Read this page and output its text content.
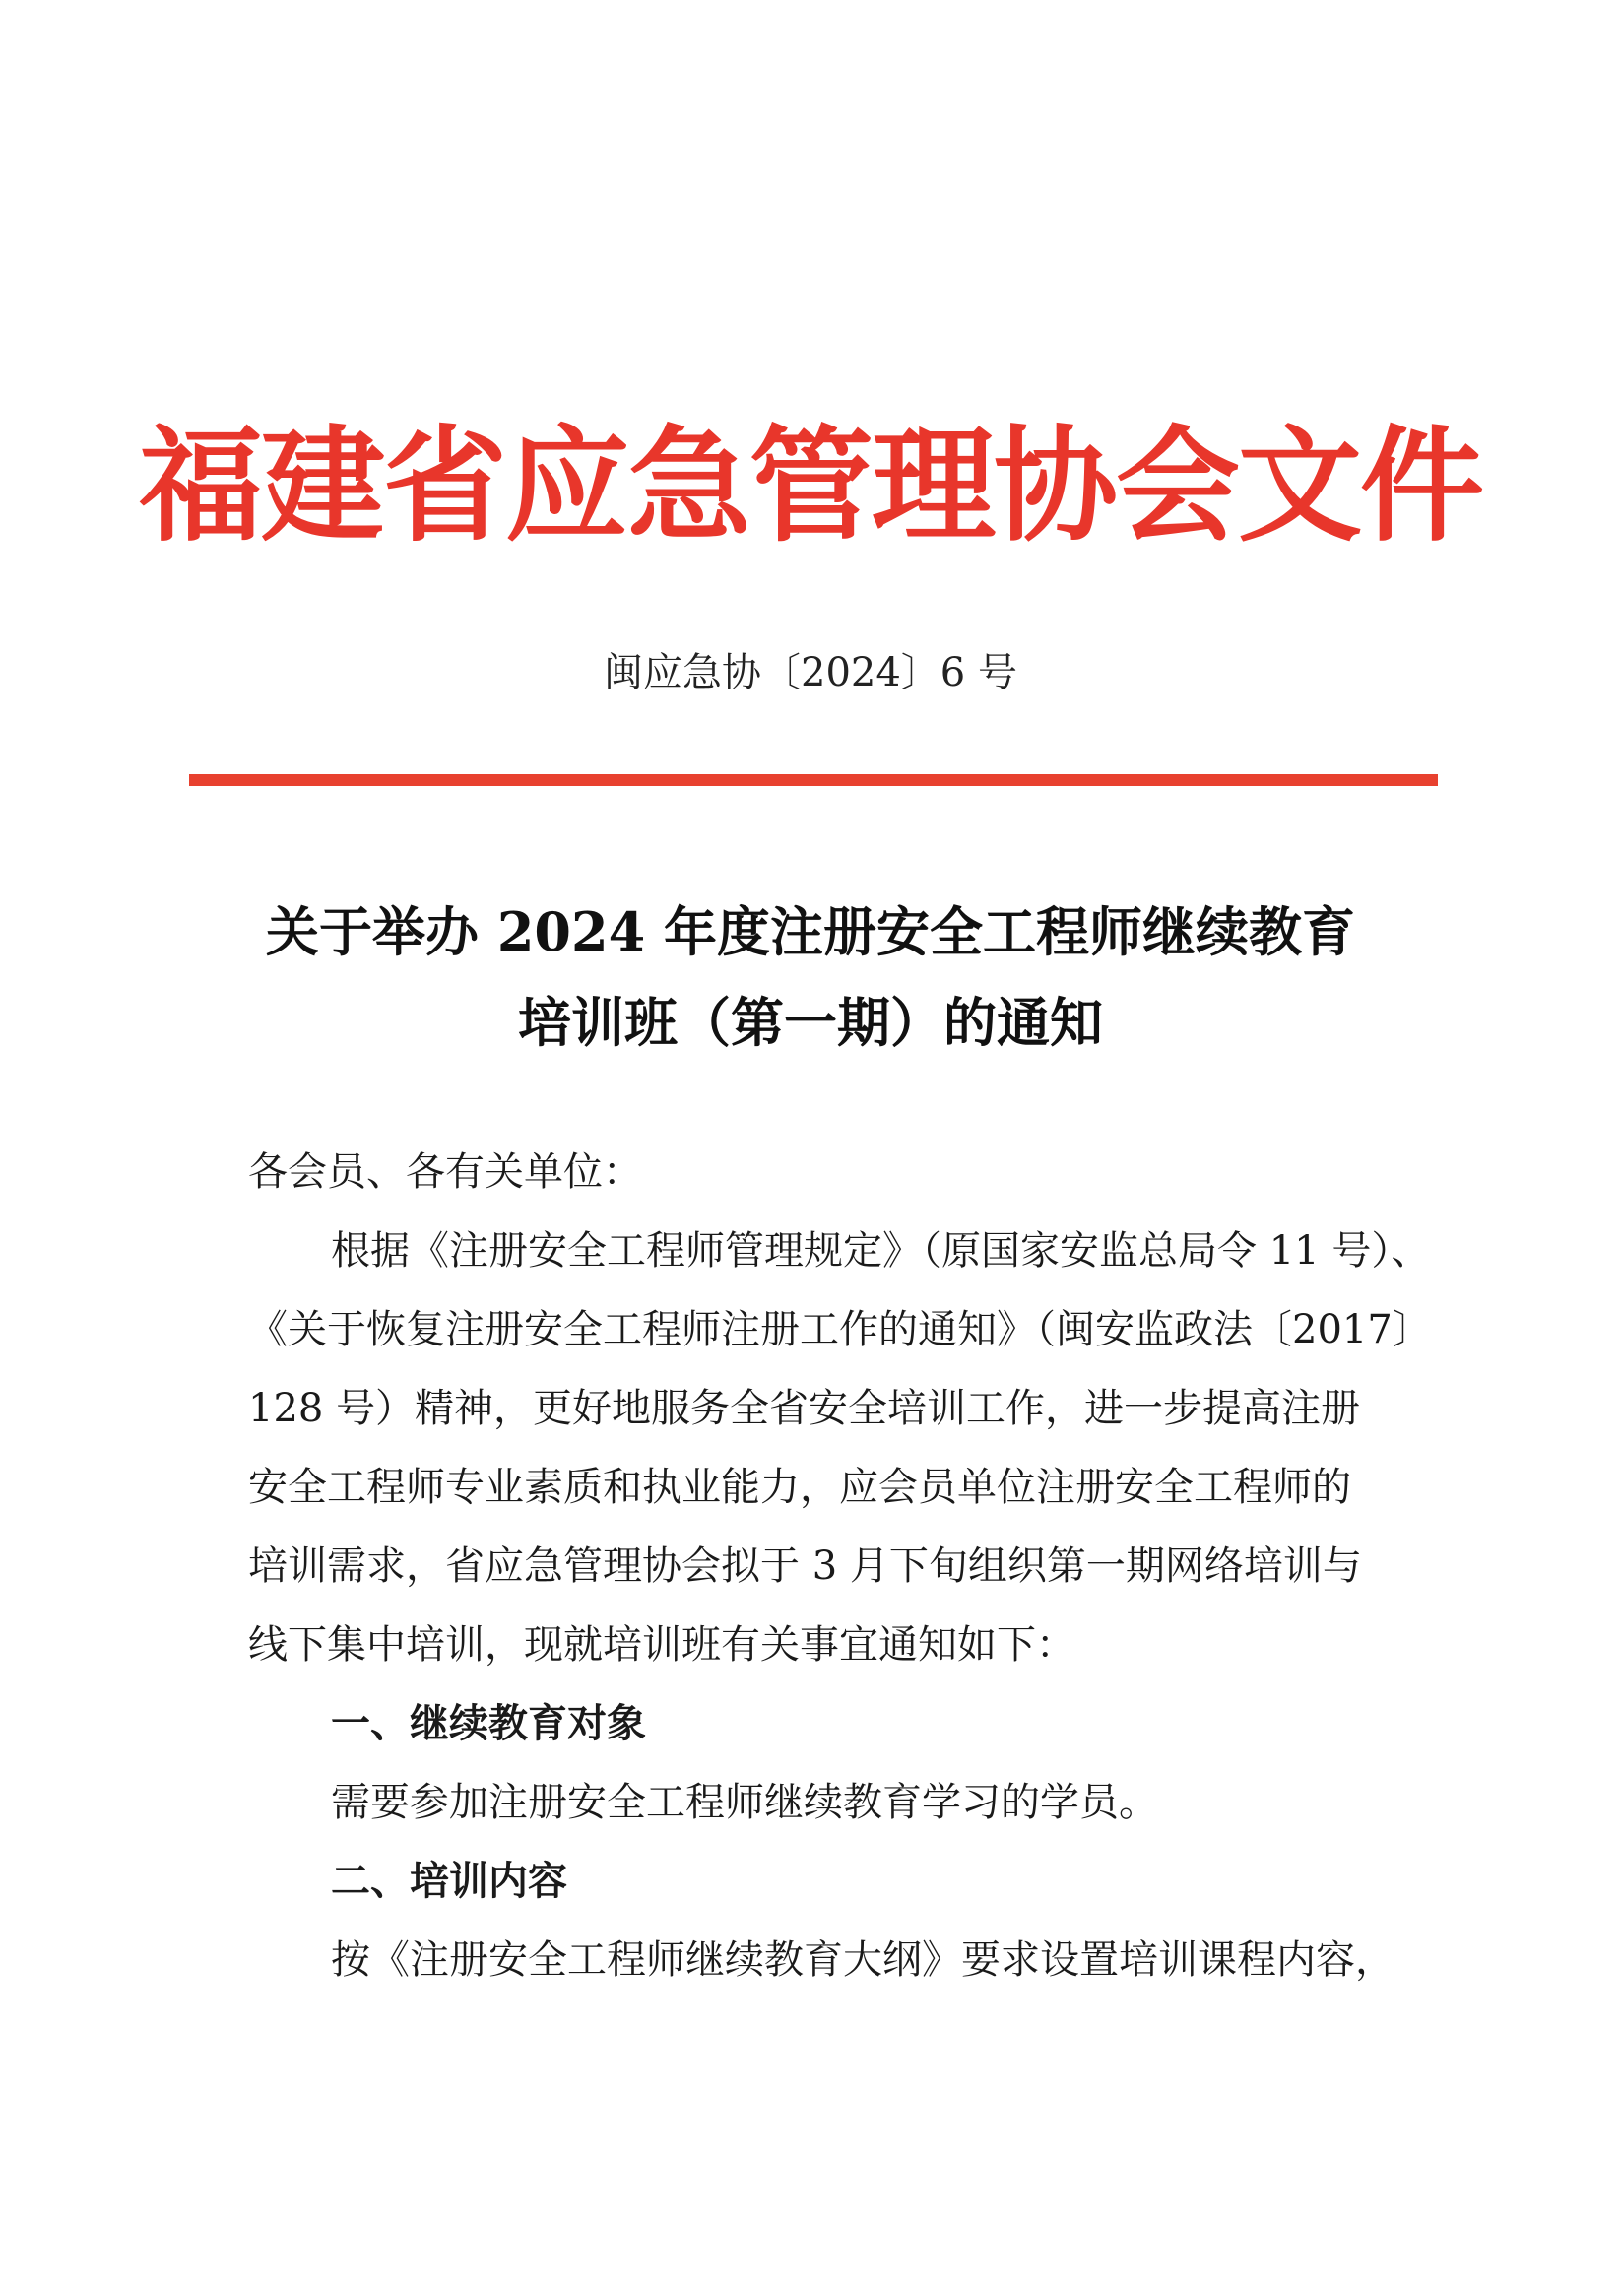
福建省应急管理协会文件
闽应急协〔2024〕6 号
关于举办 2024 年度注册安全工程师继续教育
培训班（第一期）的通知
各会员、各有关单位：
根据《注册安全工程师管理规定》（原国家安监总局令 11 号）、
《关于恢复注册安全工程师注册工作的通知》（闽安监政法〔2017〕
128 号）精神，更好地服务全省安全培训工作，进一步提高注册
安全工程师专业素质和执业能力，应会员单位注册安全工程师的
培训需求，省应急管理协会拟于 3 月下旬组织第一期网络培训与
线下集中培训，现就培训班有关事宜通知如下：
一、继续教育对象
需要参加注册安全工程师继续教育学习的学员。
二、培训内容
按《注册安全工程师继续教育大纲》要求设置培训课程内容，
